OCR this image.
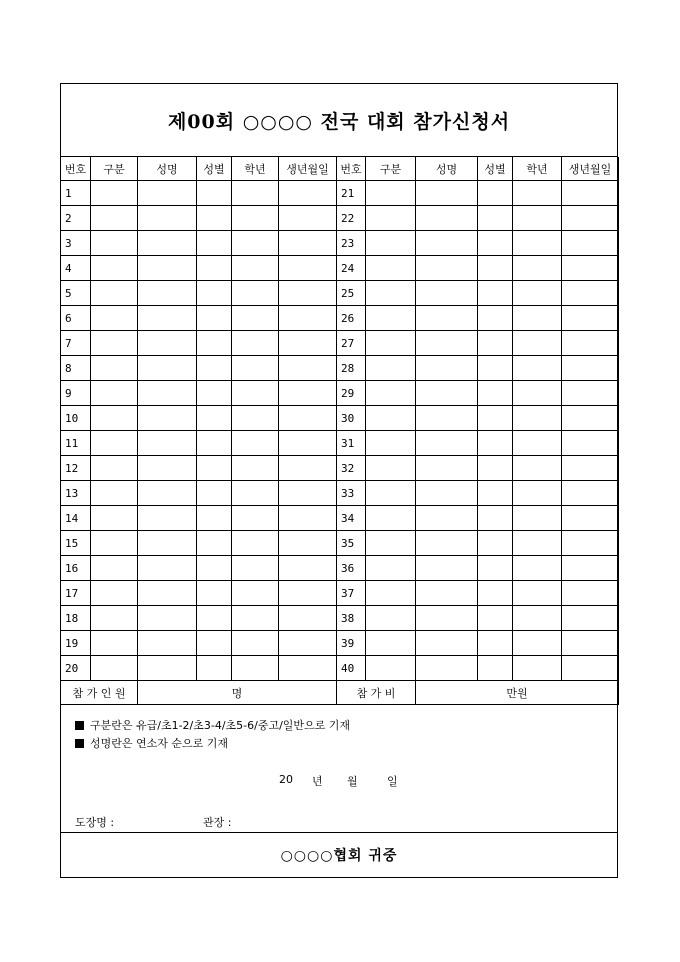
제00회 ○○○○ 전국 대회 참가신청서
번호	구분	성명	성별	학년	생년월일	번호	구분	성명	성별	학년	생년월일
1						21					
2						22					
3						23					
4						24					
5						25					
6						26					
7						27					
8						28					
9						29					
10						30					
11						31					
12						32					
13						33					
14						34					
15						35					
16						36					
17						37					
18						38					
19						39					
20						40					
참 가 인 원		명				참 가 비		만원			
구분란은 유급/초1-2/초3-4/초5-6/중고/일반으로 기재
성명란은 연소자 순으로 기재
20 년 월	일
도장명 :	관장 :
○○○○협회 귀중
